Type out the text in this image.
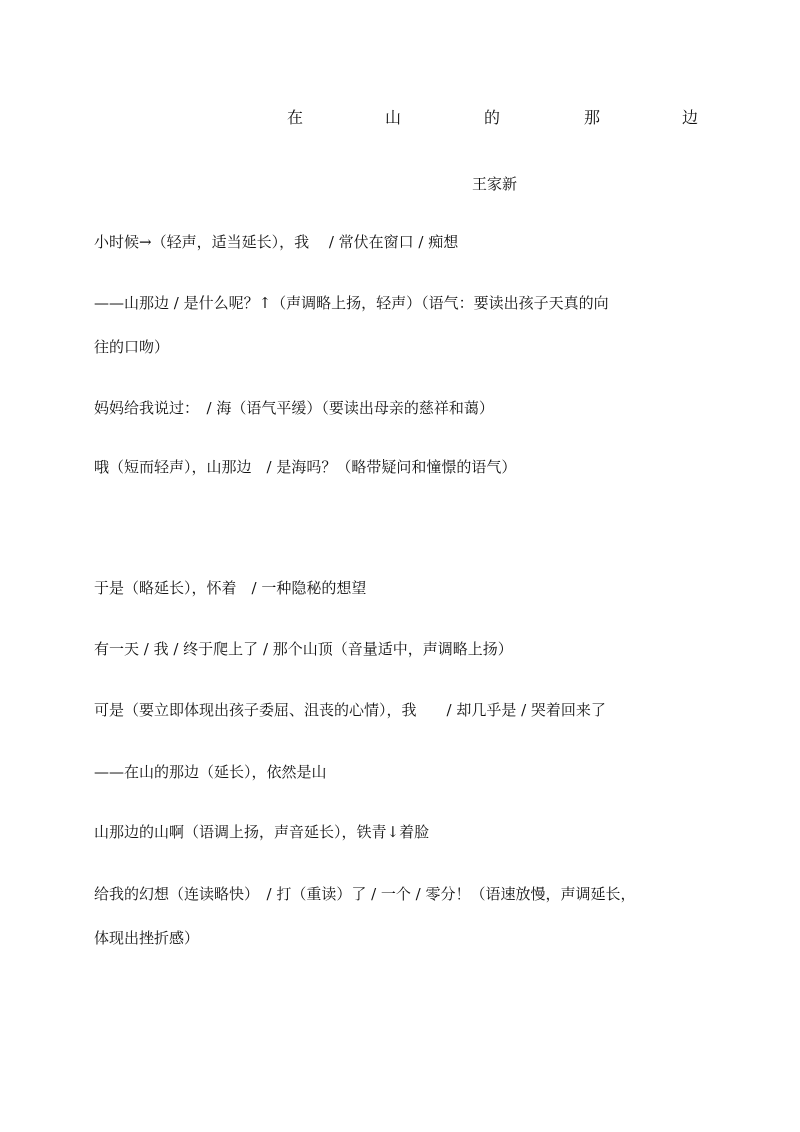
在	山	的	那	边
王家新
小时候→（轻声，适当延长），我　 / 常伏在窗口 / 痴想
——山那边 / 是什么呢？↑（声调略上扬，轻声）（语气：要读出孩子天真的向
往的口吻）
妈妈给我说过：　/ 海（语气平缓）（要读出母亲的慈祥和蔼）
哦（短而轻声），山那边　/ 是海吗？（略带疑问和憧憬的语气）
于是（略延长），怀着　/ 一种隐秘的想望
有一天 / 我 / 终于爬上了 / 那个山顶（音量适中，声调略上扬）
可是（要立即体现出孩子委屈、沮丧的心情），我　　/ 却几乎是 / 哭着回来了
——在山的那边（延长），依然是山
山那边的山啊（语调上扬，声音延长），铁青↓着脸
给我的幻想（连读略快）　/ 打（重读）了 / 一个 / 零分！（语速放慢，声调延长，
体现出挫折感）
